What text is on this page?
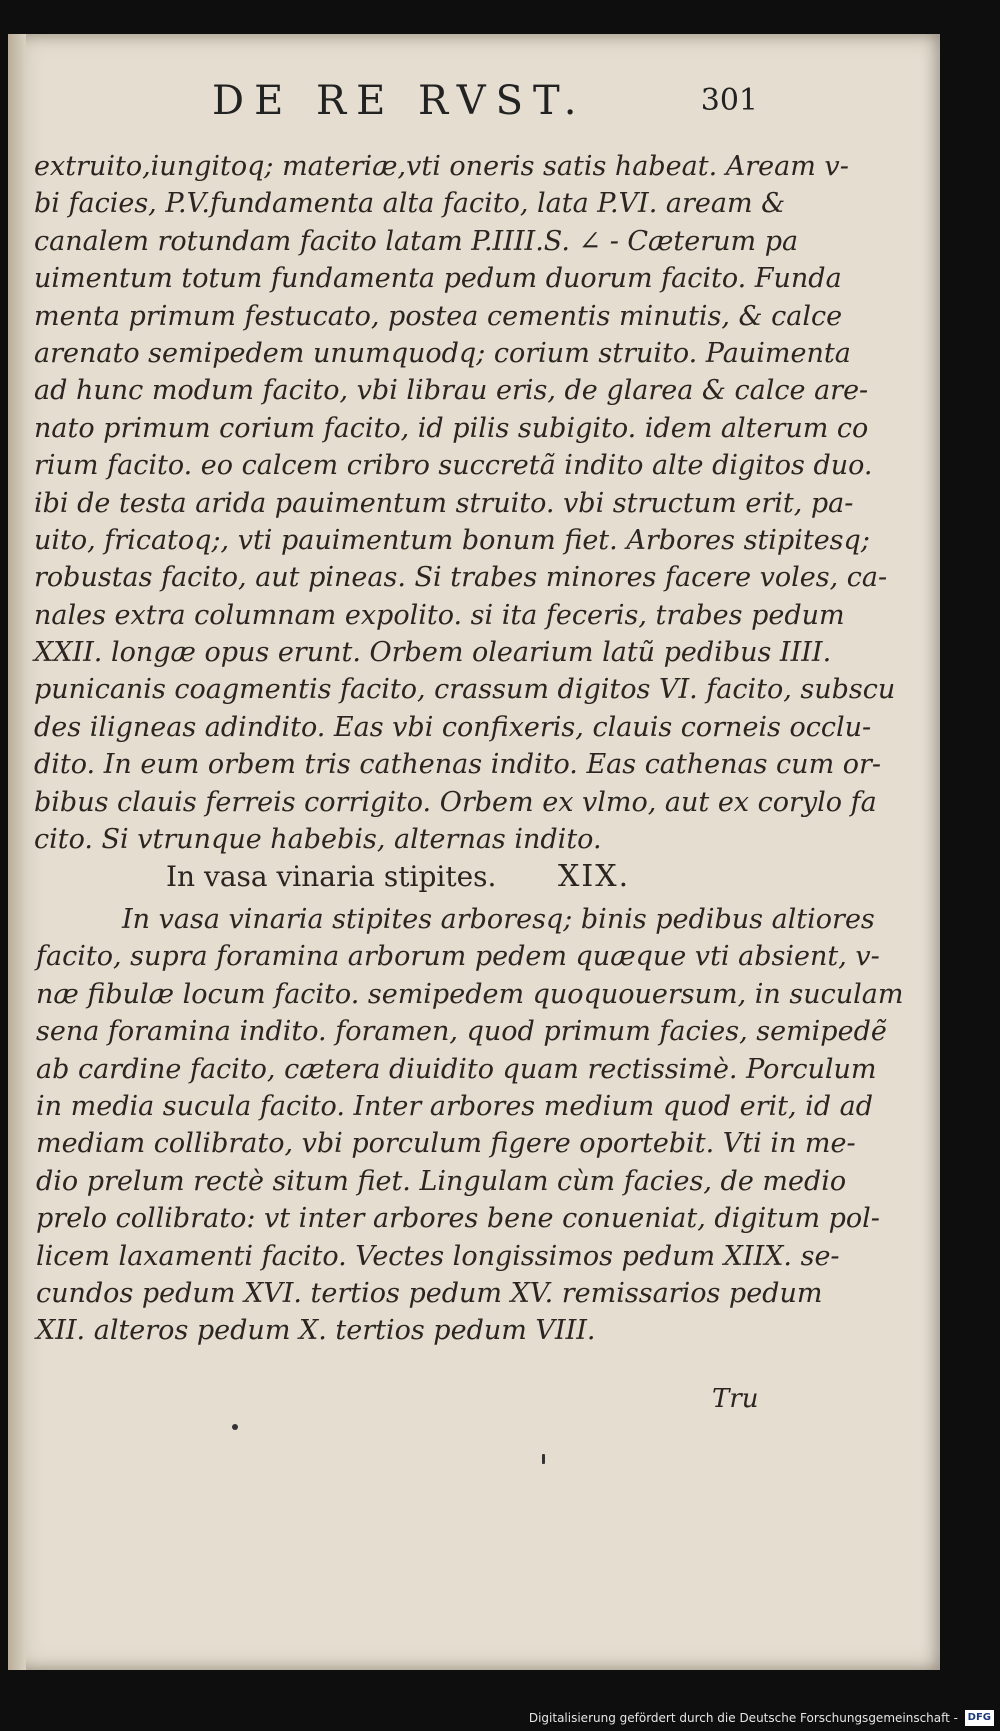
DE RE RVST.	301
extruito,iungitoq; materiæ,vti oneris satis habeat. Aream v-
bi facies, P.V.fundamenta alta facito, lata P.VI. aream &
canalem rotundam facito latam P.IIII.S. ∠ - Cæterum pa
uimentum totum fundamenta pedum duorum facito. Funda
menta primum festucato, postea cementis minutis, & calce
arenato semipedem unumquodq; corium struito. Pauimenta
ad hunc modum facito, vbi librau eris, de glarea & calce are-
nato primum corium facito, id pilis subigito. idem alterum co
rium facito. eo calcem cribro succretã indito alte digitos duo.
ibi de testa arida pauimentum struito. vbi structum erit, pa-
uito, fricatoq;, vti pauimentum bonum fiet. Arbores stipitesq;
robustas facito, aut pineas. Si trabes minores facere voles, ca-
nales extra columnam expolito. si ita feceris, trabes pedum
XXII. longæ opus erunt. Orbem olearium latũ pedibus IIII.
punicanis coagmentis facito, crassum digitos VI. facito, subscu
des iligneas adindito. Eas vbi confixeris, clauis corneis occlu-
dito. In eum orbem tris cathenas indito. Eas cathenas cum or-
bibus clauis ferreis corrigito. Orbem ex vlmo, aut ex corylo fa
cito. Si vtrunque habebis, alternas indito.
In vasa vinaria stipites. XIX.
In vasa vinaria stipites arboresq; binis pedibus altiores
facito, supra foramina arborum pedem quæque vti absient, v-
næ fibulæ locum facito. semipedem quoquouersum, in suculam
sena foramina indito. foramen, quod primum facies, semipedẽ
ab cardine facito, cætera diuidito quam rectissimè. Porculum
in media sucula facito. Inter arbores medium quod erit, id ad
mediam collibrato, vbi porculum figere oportebit. Vti in me-
dio prelum rectè situm fiet. Lingulam cùm facies, de medio
prelo collibrato: vt inter arbores bene conueniat, digitum pol-
licem laxamenti facito. Vectes longissimos pedum XIIX. se-
cundos pedum XVI. tertios pedum XV. remissarios pedum
XII. alteros pedum X. tertios pedum VIII.
Tru
Digitalisierung gefördert durch die Deutsche Forschungsgemeinschaft - DFG
